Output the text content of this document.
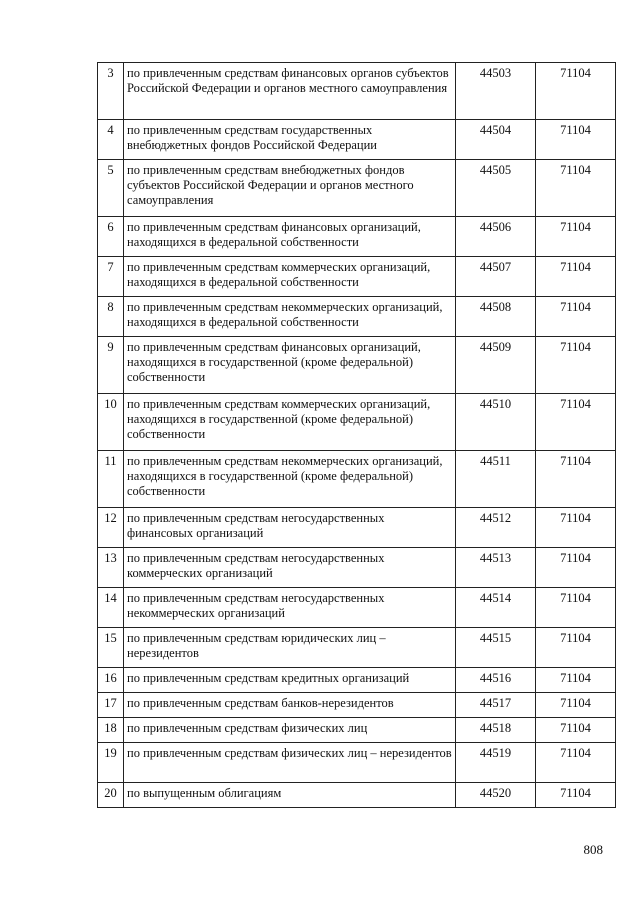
3	по привлеченным средствам финансовых органов субъектов Российской Федерации и органов местного самоуправления	44503	71104
4	по привлеченным средствам государственных внебюджетных фондов Российской Федерации	44504	71104
5	по привлеченным средствам внебюджетных фондов субъектов Российской Федерации и органов местного самоуправления	44505	71104
6	по привлеченным средствам финансовых организаций, находящихся в федеральной собственности	44506	71104
7	по привлеченным средствам коммерческих организаций, находящихся в федеральной собственности	44507	71104
8	по привлеченным средствам некоммерческих организаций, находящихся в федеральной собственности	44508	71104
9	по привлеченным средствам финансовых организаций, находящихся в государственной (кроме федеральной) собственности	44509	71104
10	по привлеченным средствам коммерческих организаций, находящихся в государственной (кроме федеральной) собственности	44510	71104
11	по привлеченным средствам некоммерческих организаций, находящихся в государственной (кроме федеральной) собственности	44511	71104
12	по привлеченным средствам негосударственных финансовых организаций	44512	71104
13	по привлеченным средствам негосударственных коммерческих организаций	44513	71104
14	по привлеченным средствам негосударственных некоммерческих организаций	44514	71104
15	по привлеченным средствам юридических лиц – нерезидентов	44515	71104
16	по привлеченным средствам кредитных организаций	44516	71104
17	по привлеченным средствам банков-нерезидентов	44517	71104
18	по привлеченным средствам физических лиц	44518	71104
19	по привлеченным средствам физических лиц – нерезидентов	44519	71104
20	по выпущенным облигациям	44520	71104
808
